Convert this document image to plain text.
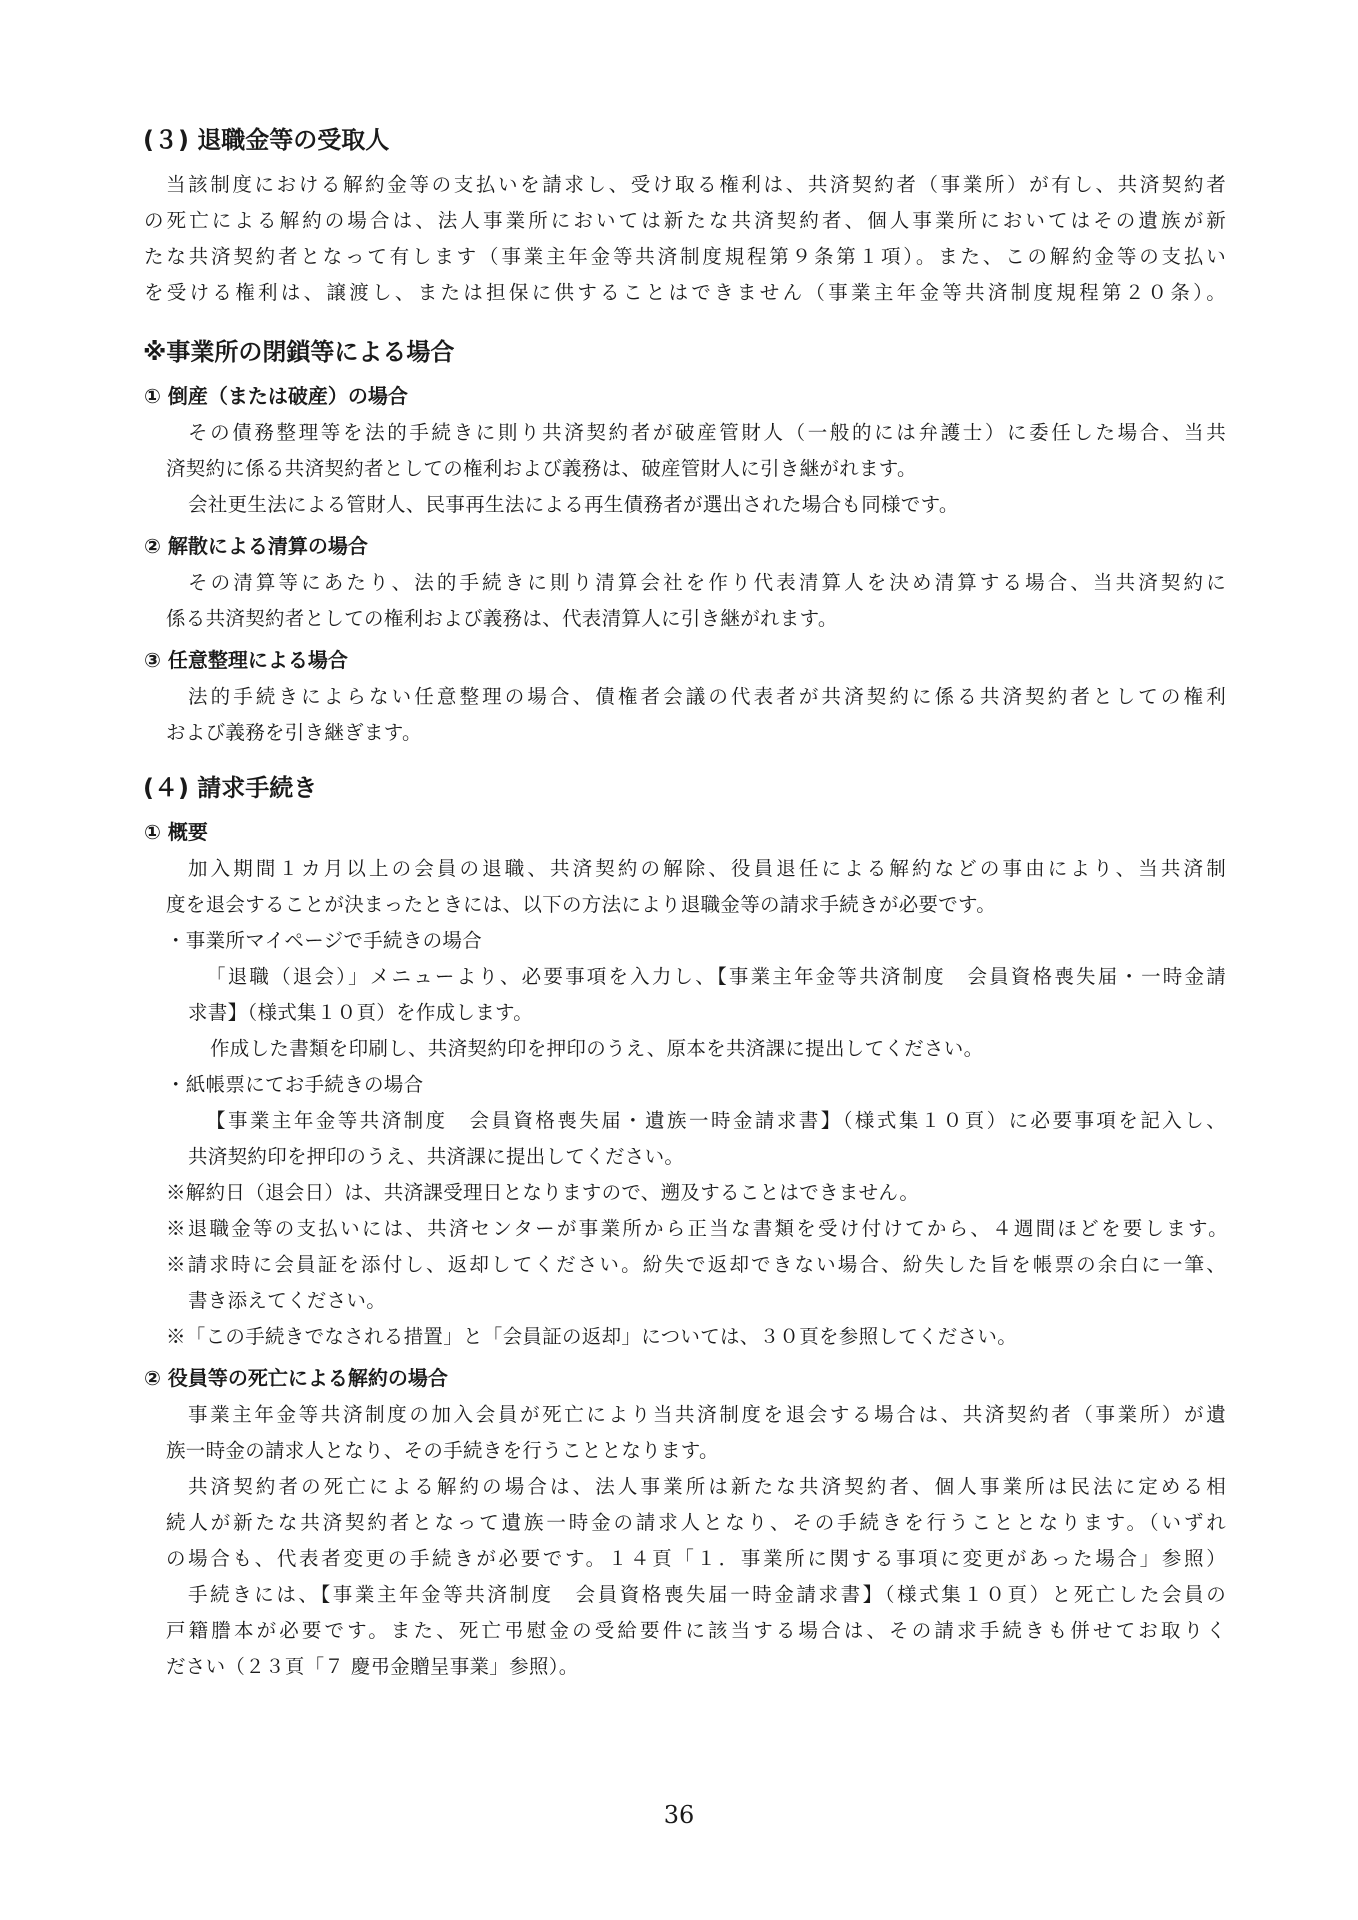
(３) 退職金等の受取人
当該制度における解約金等の支払いを請求し、受け取る権利は、共済契約者（事業所）が有し、共済契約者
の死亡による解約の場合は、法人事業所においては新たな共済契約者、個人事業所においてはその遺族が新
たな共済契約者となって有します（事業主年金等共済制度規程第９条第１項）。また、この解約金等の支払い
を受ける権利は、譲渡し、または担保に供することはできません（事業主年金等共済制度規程第２０条）。
※事業所の閉鎖等による場合
① 倒産（または破産）の場合
その債務整理等を法的手続きに則り共済契約者が破産管財人（一般的には弁護士）に委任した場合、当共
済契約に係る共済契約者としての権利および義務は、破産管財人に引き継がれます。
会社更生法による管財人、民事再生法による再生債務者が選出された場合も同様です。
② 解散による清算の場合
その清算等にあたり、法的手続きに則り清算会社を作り代表清算人を決め清算する場合、当共済契約に
係る共済契約者としての権利および義務は、代表清算人に引き継がれます。
③ 任意整理による場合
法的手続きによらない任意整理の場合、債権者会議の代表者が共済契約に係る共済契約者としての権利
および義務を引き継ぎます。
(４) 請求手続き
① 概要
加入期間１カ月以上の会員の退職、共済契約の解除、役員退任による解約などの事由により、当共済制
度を退会することが決まったときには、以下の方法により退職金等の請求手続きが必要です。
・事業所マイページで手続きの場合
「退職（退会）」メニューより、必要事項を入力し、【事業主年金等共済制度　会員資格喪失届・一時金請
求書】（様式集１０頁）を作成します。
作成した書類を印刷し、共済契約印を押印のうえ、原本を共済課に提出してください。
・紙帳票にてお手続きの場合
【事業主年金等共済制度　会員資格喪失届・遺族一時金請求書】（様式集１０頁）に必要事項を記入し、
共済契約印を押印のうえ、共済課に提出してください。
※解約日（退会日）は、共済課受理日となりますので、遡及することはできません。
※退職金等の支払いには、共済センターが事業所から正当な書類を受け付けてから、４週間ほどを要します。
※請求時に会員証を添付し、返却してください。紛失で返却できない場合、紛失した旨を帳票の余白に一筆、
書き添えてください。
※「この手続きでなされる措置」と「会員証の返却」については、３０頁を参照してください。
② 役員等の死亡による解約の場合
事業主年金等共済制度の加入会員が死亡により当共済制度を退会する場合は、共済契約者（事業所）が遺
族一時金の請求人となり、その手続きを行うこととなります。
共済契約者の死亡による解約の場合は、法人事業所は新たな共済契約者、個人事業所は民法に定める相
続人が新たな共済契約者となって遺族一時金の請求人となり、その手続きを行うこととなります。（いずれ
の場合も、代表者変更の手続きが必要です。１４頁「１．事業所に関する事項に変更があった場合」参照）
手続きには、【事業主年金等共済制度　会員資格喪失届一時金請求書】（様式集１０頁）と死亡した会員の
戸籍謄本が必要です。また、死亡弔慰金の受給要件に該当する場合は、その請求手続きも併せてお取りく
ださい（２３頁「７ 慶弔金贈呈事業」参照）。
36
